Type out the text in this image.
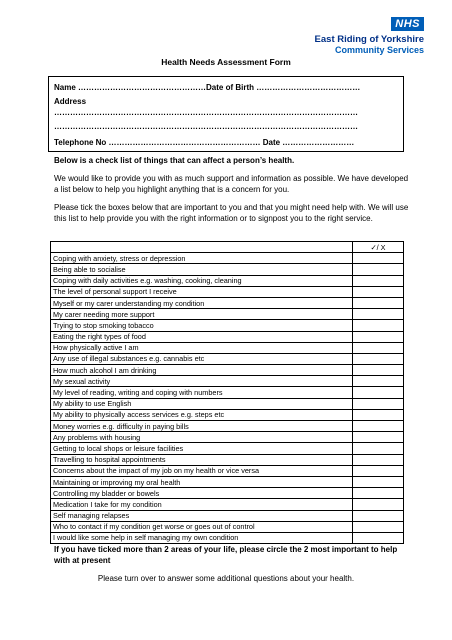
NHS
East Riding of Yorkshire
Community Services
Health Needs Assessment Form
Name …………………………………………Date of Birth …………………………………
Address
……………………………………………………………………………………………………
……………………………………………………………………………………………………
Telephone No ………………………………………………… Date ………………………
Below is a check list of things that can affect a person’s health.
We would like to provide you with as much support and information as possible. We have developed a list below to help you highlight anything that is a concern for you.
Please tick the boxes below that are important to you and that you might need help with. We will use this list to help provide you with the right information or to signpost you to the right service.
	✓/ X
Coping with anxiety, stress or depression	
Being able to socialise	
Coping with daily activities e.g. washing, cooking, cleaning	
The level of personal support I receive	
Myself or my carer understanding my condition	
My carer needing more support	
Trying to stop smoking tobacco	
Eating the right types of food	
How physically active I am	
Any use of illegal substances e.g. cannabis etc	
How much alcohol I am drinking	
My sexual activity	
My level of reading, writing and coping with numbers	
My ability to use English	
My ability to physically access services e.g. steps etc	
Money worries e.g. difficulty in paying bills	
Any problems with housing	
Getting to local shops or leisure facilities	
Travelling to hospital appointments	
Concerns about the impact of my job on my health or vice versa	
Maintaining or improving my oral health	
Controlling my bladder or bowels	
Medication I take for my condition	
Self managing relapses	
Who to contact if my condition get worse or goes out of control	
I would like some help in self managing my own condition	
If you have ticked more than 2 areas of your life, please circle the 2 most important to help with at present
Please turn over to answer some additional questions about your health.
